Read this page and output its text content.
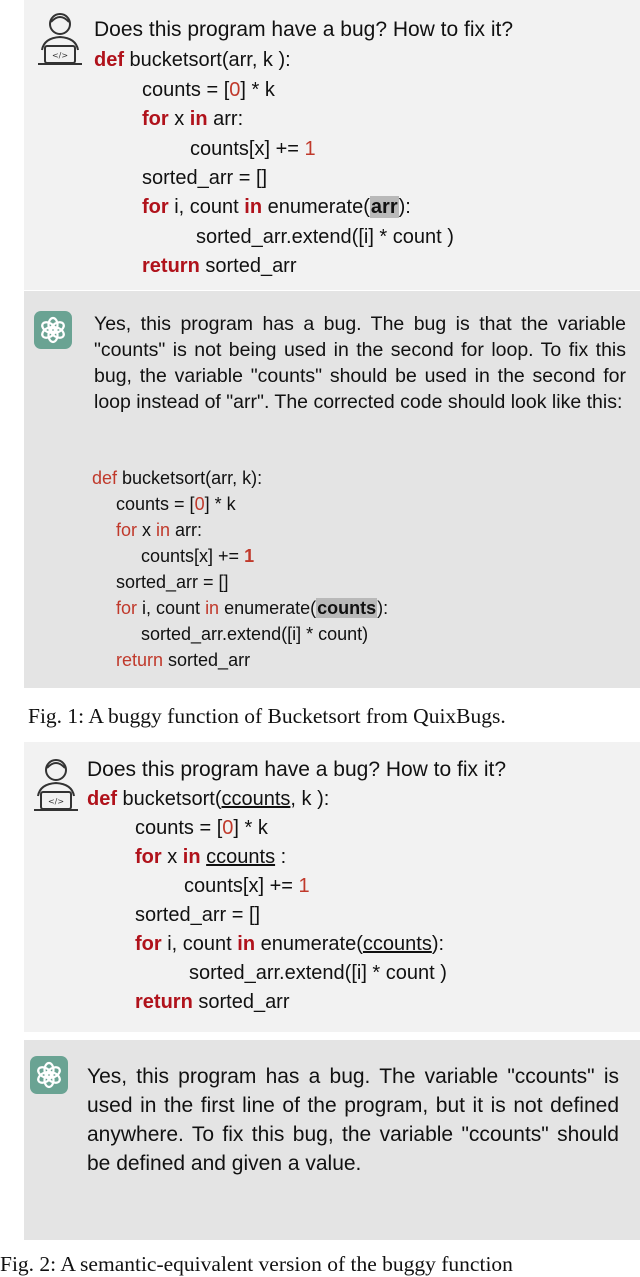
</>
Does this program have a bug? How to fix it?
def bucketsort(arr, k ):
counts = [0] * k
for x in arr:
counts[x] += 1
sorted_arr = []
for i, count in enumerate(arr):
sorted_arr.extend([i] * count )
return sorted_arr
Yes, this program has a bug. The bug is that the variable "counts" is not being used in the second for loop. To fix this bug, the variable "counts" should be used in the second for loop instead of "arr". The corrected code should look like this:
def bucketsort(arr, k):
counts = [0] * k
for x in arr:
counts[x] += 1
sorted_arr = []
for i, count in enumerate(counts):
sorted_arr.extend([i] * count)
return sorted_arr
Fig. 1: A buggy function of Bucketsort from QuixBugs.
</>
Does this program have a bug? How to fix it?
def bucketsort(ccounts, k ):
counts = [0] * k
for x in ccounts :
counts[x] += 1
sorted_arr = []
for i, count in enumerate(ccounts):
sorted_arr.extend([i] * count )
return sorted_arr
Yes, this program has a bug. The variable "ccounts" is used in the first line of the program, but it is not defined anywhere. To fix this bug, the variable "ccounts" should be defined and given a value.
Fig. 2: A semantic-equivalent version of the buggy function
